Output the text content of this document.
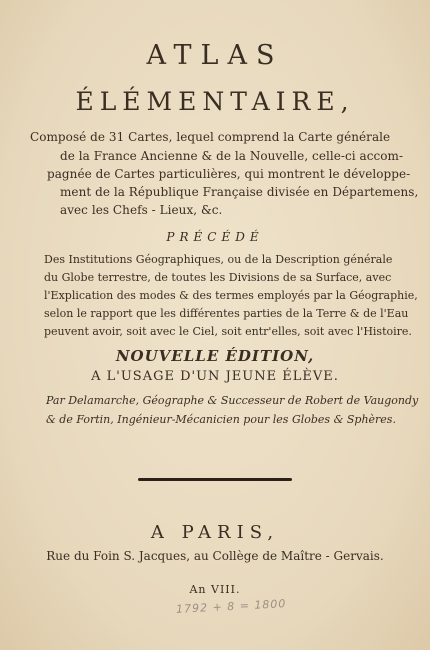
ATLAS
ÉLÉMENTAIRE,
Composé de 31 Cartes, lequel comprend la Carte générale
de la France Ancienne & de la Nouvelle, celle-ci accom-
pagnée de Cartes particulières, qui montrent le développe-
ment de la République Française divisée en Départemens,
avec les Chefs - Lieux, &c.
PRÉCÉDÉ
Des Institutions Géographiques, ou de la Description générale
du Globe terrestre, de toutes les Divisions de sa Surface, avec
l'Explication des modes & des termes employés par la Géographie,
selon le rapport que les différentes parties de la Terre & de l'Eau
peuvent avoir, soit avec le Ciel, soit entr'elles, soit avec l'Histoire.
NOUVELLE ÉDITION,
A L'USAGE D'UN JEUNE ÉLÈVE.
Par Delamarche, Géographe & Successeur de Robert de Vaugondy
& de Fortin, Ingénieur-Mécanicien pour les Globes & Sphères.
A PARIS,
Rue du Foin S. Jacques, au Collège de Maître - Gervais.
An VIII.
1792 + 8 = 1800
